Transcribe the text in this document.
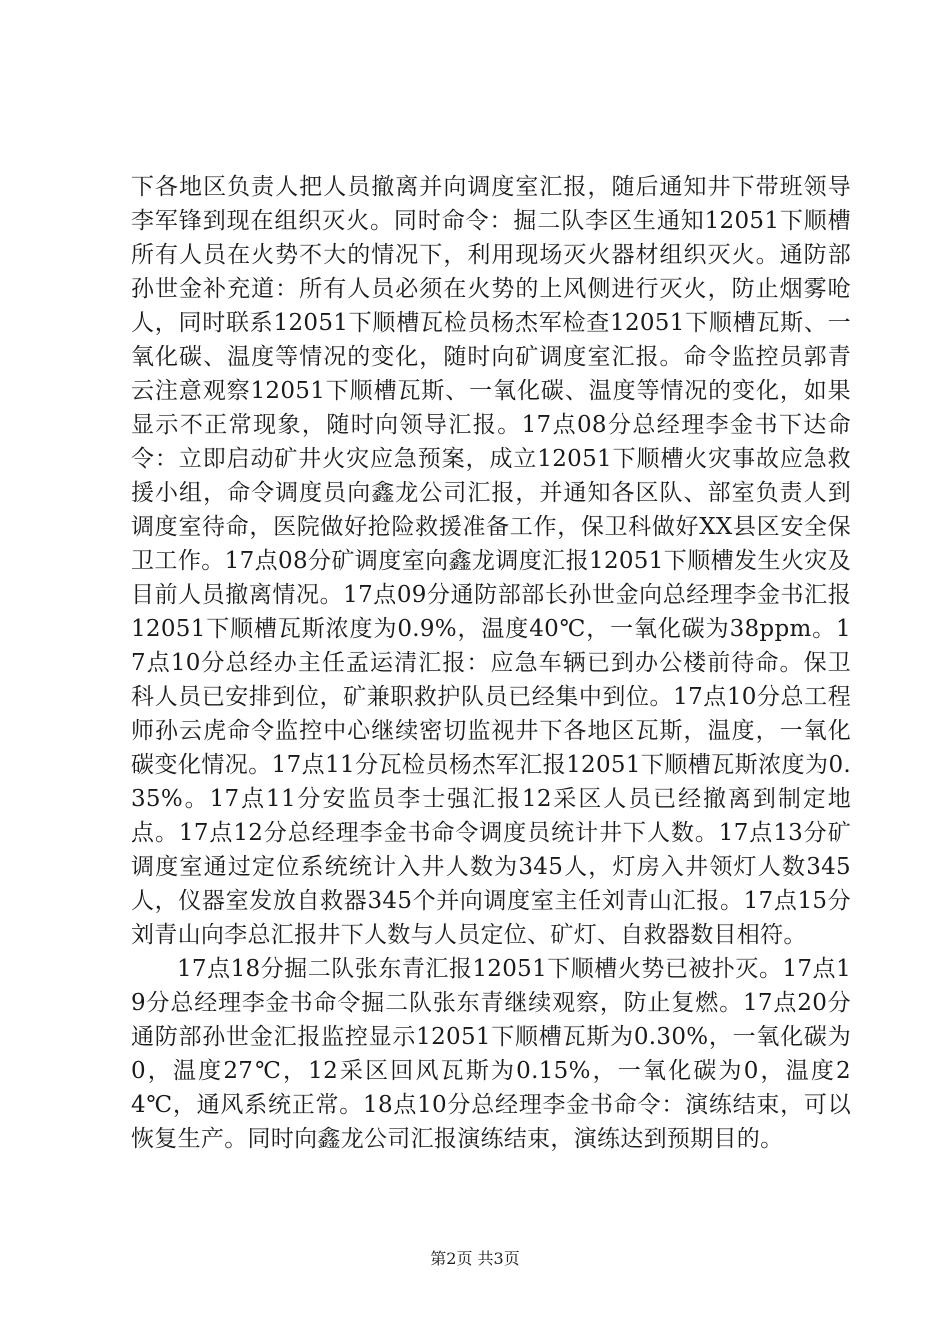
下各地区负责人把人员撤离并向调度室汇报，随后通知井下带班领导李军锋到现在组织灭火。同时命令：掘二队李区生通知12051下顺槽所有人员在火势不大的情况下，利用现场灭火器材组织灭火。通防部孙世金补充道：所有人员必须在火势的上风侧进行灭火，防止烟雾呛人，同时联系12051下顺槽瓦检员杨杰军检查12051下顺槽瓦斯、一氧化碳、温度等情况的变化，随时向矿调度室汇报。命令监控员郭青云注意观察12051下顺槽瓦斯、一氧化碳、温度等情况的变化，如果显示不正常现象，随时向领导汇报。17点08分总经理李金书下达命令：立即启动矿井火灾应急预案，成立12051下顺槽火灾事故应急救援小组，命令调度员向鑫龙公司汇报，并通知各区队、部室负责人到调度室待命，医院做好抢险救援准备工作，保卫科做好XX县区安全保卫工作。17点08分矿调度室向鑫龙调度汇报12051下顺槽发生火灾及目前人员撤离情况。17点09分通防部部长孙世金向总经理李金书汇报12051下顺槽瓦斯浓度为0.9%，温度40℃，一氧化碳为38ppm。17点10分总经办主任孟运清汇报：应急车辆已到办公楼前待命。保卫科人员已安排到位，矿兼职救护队员已经集中到位。17点10分总工程师孙云虎命令监控中心继续密切监视井下各地区瓦斯，温度，一氧化碳变化情况。17点11分瓦检员杨杰军汇报12051下顺槽瓦斯浓度为0.35%。17点11分安监员李士强汇报12采区人员已经撤离到制定地点。17点12分总经理李金书命令调度员统计井下人数。17点13分矿调度室通过定位系统统计入井人数为345人，灯房入井领灯人数345人，仪器室发放自救器345个并向调度室主任刘青山汇报。17点15分刘青山向李总汇报井下人数与人员定位、矿灯、自救器数目相符。

17点18分掘二队张东青汇报12051下顺槽火势已被扑灭。17点19分总经理李金书命令掘二队张东青继续观察，防止复燃。17点20分通防部孙世金汇报监控显示12051下顺槽瓦斯为0.30%，一氧化碳为0，温度27℃，12采区回风瓦斯为0.15%，一氧化碳为0，温度24℃，通风系统正常。18点10分总经理李金书命令：演练结束，可以恢复生产。同时向鑫龙公司汇报演练结束，演练达到预期目的。

第2页 共3页
